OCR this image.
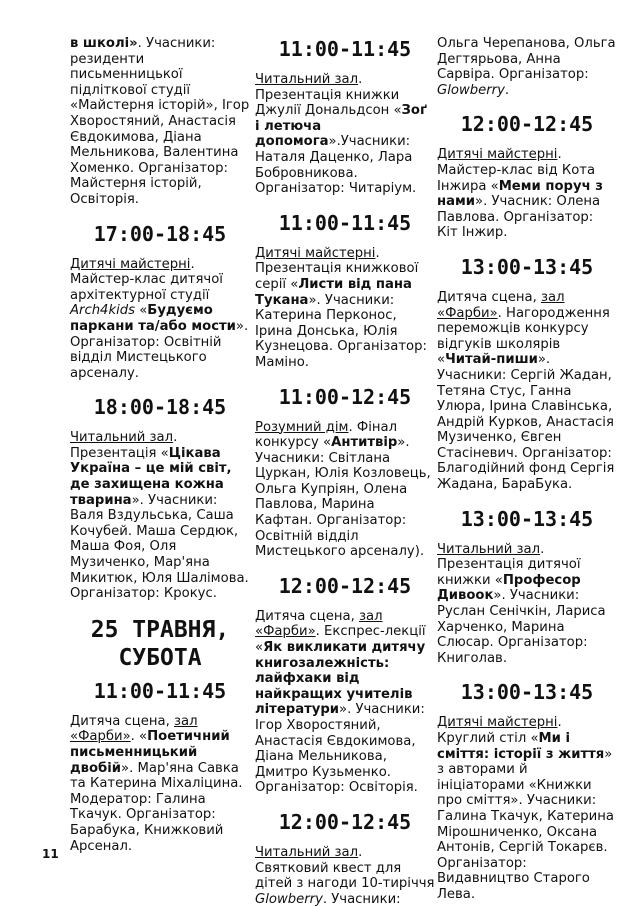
в школі». Учасники: резиденти письменницької підліткової студії «Майстерня історій», Ігор Хворостяний, Анастасія Євдокимова, Діана Мельникова, Валентина Хоменко. Організатор: Майстерня історій, Освіторія.

17:00-18:45

Дитячі майстерні. Майстер-клас дитячої архітектурної студії Arch4kids «Будуємо паркани та/або мости». Організатор: Освітній відділ Мистецького арсеналу.

18:00-18:45

Читальний зал. Презентація «Цікава Україна – це мій світ, де захищена кожна тварина». Учасники: Валя Вздульська, Саша Кочубей. Маша Сердюк, Маша Фоя, Оля Музиченко, Мар'яна Микитюк, Юля Шалімова. Організатор: Крокус.

25 ТРАВНЯ, СУБОТА
11:00-11:45

Дитяча сцена, зал «Фарби». «Поетичний письменницький двобій». Мар'яна Савка та Катерина Міхаліцина. Модератор: Галина Ткачук. Організатор: Барабука, Книжковий Арсенал.

11:00-11:45

Читальний зал. Презентація книжки Джулії Дональдсон «Зоґ і летюча допомога».Учасники: Наталя Даценко, Лара Бобровникова. Організатор: Читаріум.

11:00-11:45

Дитячі майстерні. Презентація книжкової серії «Листи від пана Тукана». Учасники: Катерина Перконос, Ірина Донська, Юлія Кузнецова. Організатор: Маміно.

11:00-12:45

Розумний дім. Фінал конкурсу «Антитвір». Учасники: Світлана Цуркан, Юлія Козловець, Ольга Купріян, Олена Павлова, Марина Кафтан. Організатор: Освітній відділ Мистецького арсеналу).

12:00-12:45

Дитяча сцена, зал «Фарби». Експрес-лекції «Як викликати дитячу книгозалежність: лайфхаки від найкращих учителів літератури». Учасники: Ігор Хворостяний, Анастасія Євдокимова, Діана Мельникова, Дмитро Кузьменко. Організатор: Освіторія.

12:00-12:45

Читальний зал. Святковий квест для дітей з нагоди 10-тиріччя Glowberry. Учасники:

Ольга Черепанова, Ольга Дегтярьова, Анна Сарвіра. Організатор: Glowberry.

12:00-12:45

Дитячі майстерні. Майстер-клас від Кота Інжира «Меми поруч з нами». Учасник: Олена Павлова. Організатор: Кіт Інжир.

13:00-13:45

Дитяча сцена, зал «Фарби». Нагородження переможців конкурсу відгуків школярів «Читай-пиши». Учасники: Сергій Жадан, Тетяна Стус, Ганна Улюра, Ірина Славінська, Андрій Курков, Анастасія Музиченко, Євген Стасіневич. Організатор: Благодійний фонд Сергія Жадана, БараБука.

13:00-13:45

Читальний зал. Презентація дитячої книжки «Професор Дивоок». Учасники: Руслан Сенічкін, Лариса Харченко, Марина Слюсар. Організатор: Книголав.

13:00-13:45

Дитячі майстерні. Круглий стіл «Ми і сміття: історії з життя» з авторами й ініціаторами «Книжки про сміття». Учасники: Галина Ткачук, Катерина Мірошниченко, Оксана Антонів, Сергій Токарєв. Організатор: Видавництво Старого Лева.

11
